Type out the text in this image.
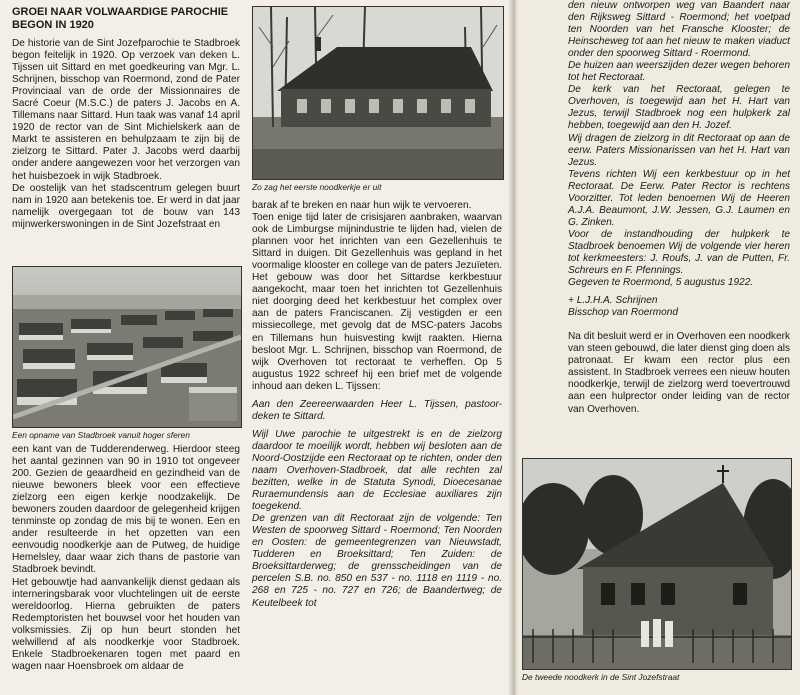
GROEI NAAR VOLWAARDIGE PAROCHIE
BEGON IN 1920

De historie van de Sint Jozefparochie te Stadbroek begon feitelijk in 1920. Op verzoek van deken L. Tijssen uit Sittard en met goedkeuring van Mgr. L. Schrijnen, bisschop van Roermond, zond de Pater Provinciaal van de orde der Missionnaires de Sacré Coeur (M.S.C.) de paters J. Jacobs en A. Tillemans naar Sittard. Hun taak was vanaf 14 april 1920 de rector van de Sint Michielskerk aan de Markt te assisteren en behulpzaam te zijn bij de zielzorg te Sittard. Pater J. Jacobs werd daarbij onder andere aangewezen voor het verzorgen van het huisbezoek in wijk Stadbroek.

De oostelijk van het stadscentrum gelegen buurt nam in 1920 aan betekenis toe. Er werd in dat jaar namelijk overgegaan tot de bouw van 143 mijnwerkerswoningen in de Sint Jozefstraat en

Een opname van Stadbroek vanuit hoger sferen

een kant van de Tudderenderweg. Hierdoor steeg het aantal gezinnen van 90 in 1910 tot ongeveer 200. Gezien de geaardheid en gezindheid van de nieuwe bewoners bleek voor een effectieve zielzorg een eigen kerkje noodzakelijk. De bewoners zouden daardoor de gelegenheid krijgen tenminste op zondag de mis bij te wonen. Een en ander resulteerde in het opzetten van een eenvoudig noodkerkje aan de Putweg, de huidige Hemelsley, daar waar zich thans de pastorie van Stadbroek bevindt.

Het gebouwtje had aanvankelijk dienst gedaan als interneringsbarak voor vluchtelingen uit de eerste wereldoorlog. Hierna gebruikten de paters Redemptoristen het bouwsel voor het houden van volksmissies. Zij op hun beurt stonden het welwillend af als noodkerkje voor Stadbroek. Enkele Stadbroekenaren togen met paard en wagen naar Hoensbroek om aldaar de

Zo zag het eerste noodkerkje er uit

barak af te breken en naar hun wijk te vervoeren.

Toen enige tijd later de crisisjaren aanbraken, waarvan ook de Limburgse mijnindustrie te lijden had, vielen de plannen voor het inrichten van een Gezellenhuis te Sittard in duigen. Dit Gezellenhuis was gepland in het voormalige klooster en college van de paters Jezuïeten. Het gebouw was door het Sittardse kerkbestuur aangekocht, maar toen het inrichten tot Gezellenhuis niet doorging deed het kerkbestuur het complex over aan de paters Franciscanen. Zij vestigden er een missiecollege, met gevolg dat de MSC-paters Jacobs en Tillemans hun huisvesting kwijt raakten. Hierna besloot Mgr. L. Schrijnen, bisschop van Roermond, de wijk Overhoven tot rectoraat te verheffen. Op 5 augustus 1922 schreef hij een brief met de volgende inhoud aan deken L. Tijssen:

Aan den Zeereerwaarden Heer L. Tijssen, pastoor-deken te Sittard.

Wijl Uwe parochie te uitgestrekt is en de zielzorg daardoor te moeilijk wordt, hebben wij besloten aan de Noord-Oostzijde een Rectoraat op te richten, onder den naam Overhoven-Stadbroek, dat alle rechten zal bezitten, welke in de Statuta Synodi, Dioecesanae Ruraemundensis aan de Ecclesiae auxiliares zijn toegekend.

De grenzen van dit Rectoraat zijn de volgende: Ten Westen de spoorweg Sittard - Roermond; Ten Noorden en Oosten: de gemeentegrenzen van Nieuwstadt, Tudderen en Broeksittard; Ten Zuiden: de Broeksittarderweg; de grensscheidingen van de percelen S.B. no. 850 en 537 - no. 1118 en 1119 - no. 268 en 725 - no. 727 en 726; de Baandertweg; de Keutelbeek tot

den nieuw ontworpen weg van Baandert naar den Rijksweg Sittard - Roermond; het voetpad ten Noorden van het Fransche Klooster; de Heinscheweg tot aan het nieuw te maken viaduct onder den spoorweg Sittard - Roermond.

De huizen aan weerszijden dezer wegen behoren tot het Rectoraat.

De kerk van het Rectoraat, gelegen te Overhoven, is toegewijd aan het H. Hart van Jezus, terwijl Stadbroek nog een hulpkerk zal hebben, toegewijd aan den H. Jozef.

Wij dragen de zielzorg in dit Rectoraat op aan de eerw. Paters Missionarissen van het H. Hart van Jezus.

Tevens richten Wij een kerkbestuur op in het Rectoraat. De Eerw. Pater Rector is rechtens Voorzitter. Tot leden benoemen Wij de Heeren A.J.A. Beaumont, J.W. Jessen, G.J. Laumen en G. Zinken.

Voor de instandhouding der hulpkerk te Stadbroek benoemen Wij de volgende vier heren tot kerkmeesters: J. Roufs, J. van de Putten, Fr. Schreurs en F. Pfennings.

Gegeven te Roermond, 5 augustus 1922.

+ L.J.H.A. Schrijnen

Bisschop van Roermond

Na dit besluit werd er in Overhoven een noodkerk van steen gebouwd, die later dienst ging doen als patronaat. Er kwam een rector plus een assistent. In Stadbroek verrees een nieuw houten noodkerkje, terwijl de zielzorg werd toevertrouwd aan een hulprector onder leiding van de rector van Overhoven.

De tweede noodkerk in de Sint Jozefstraat
